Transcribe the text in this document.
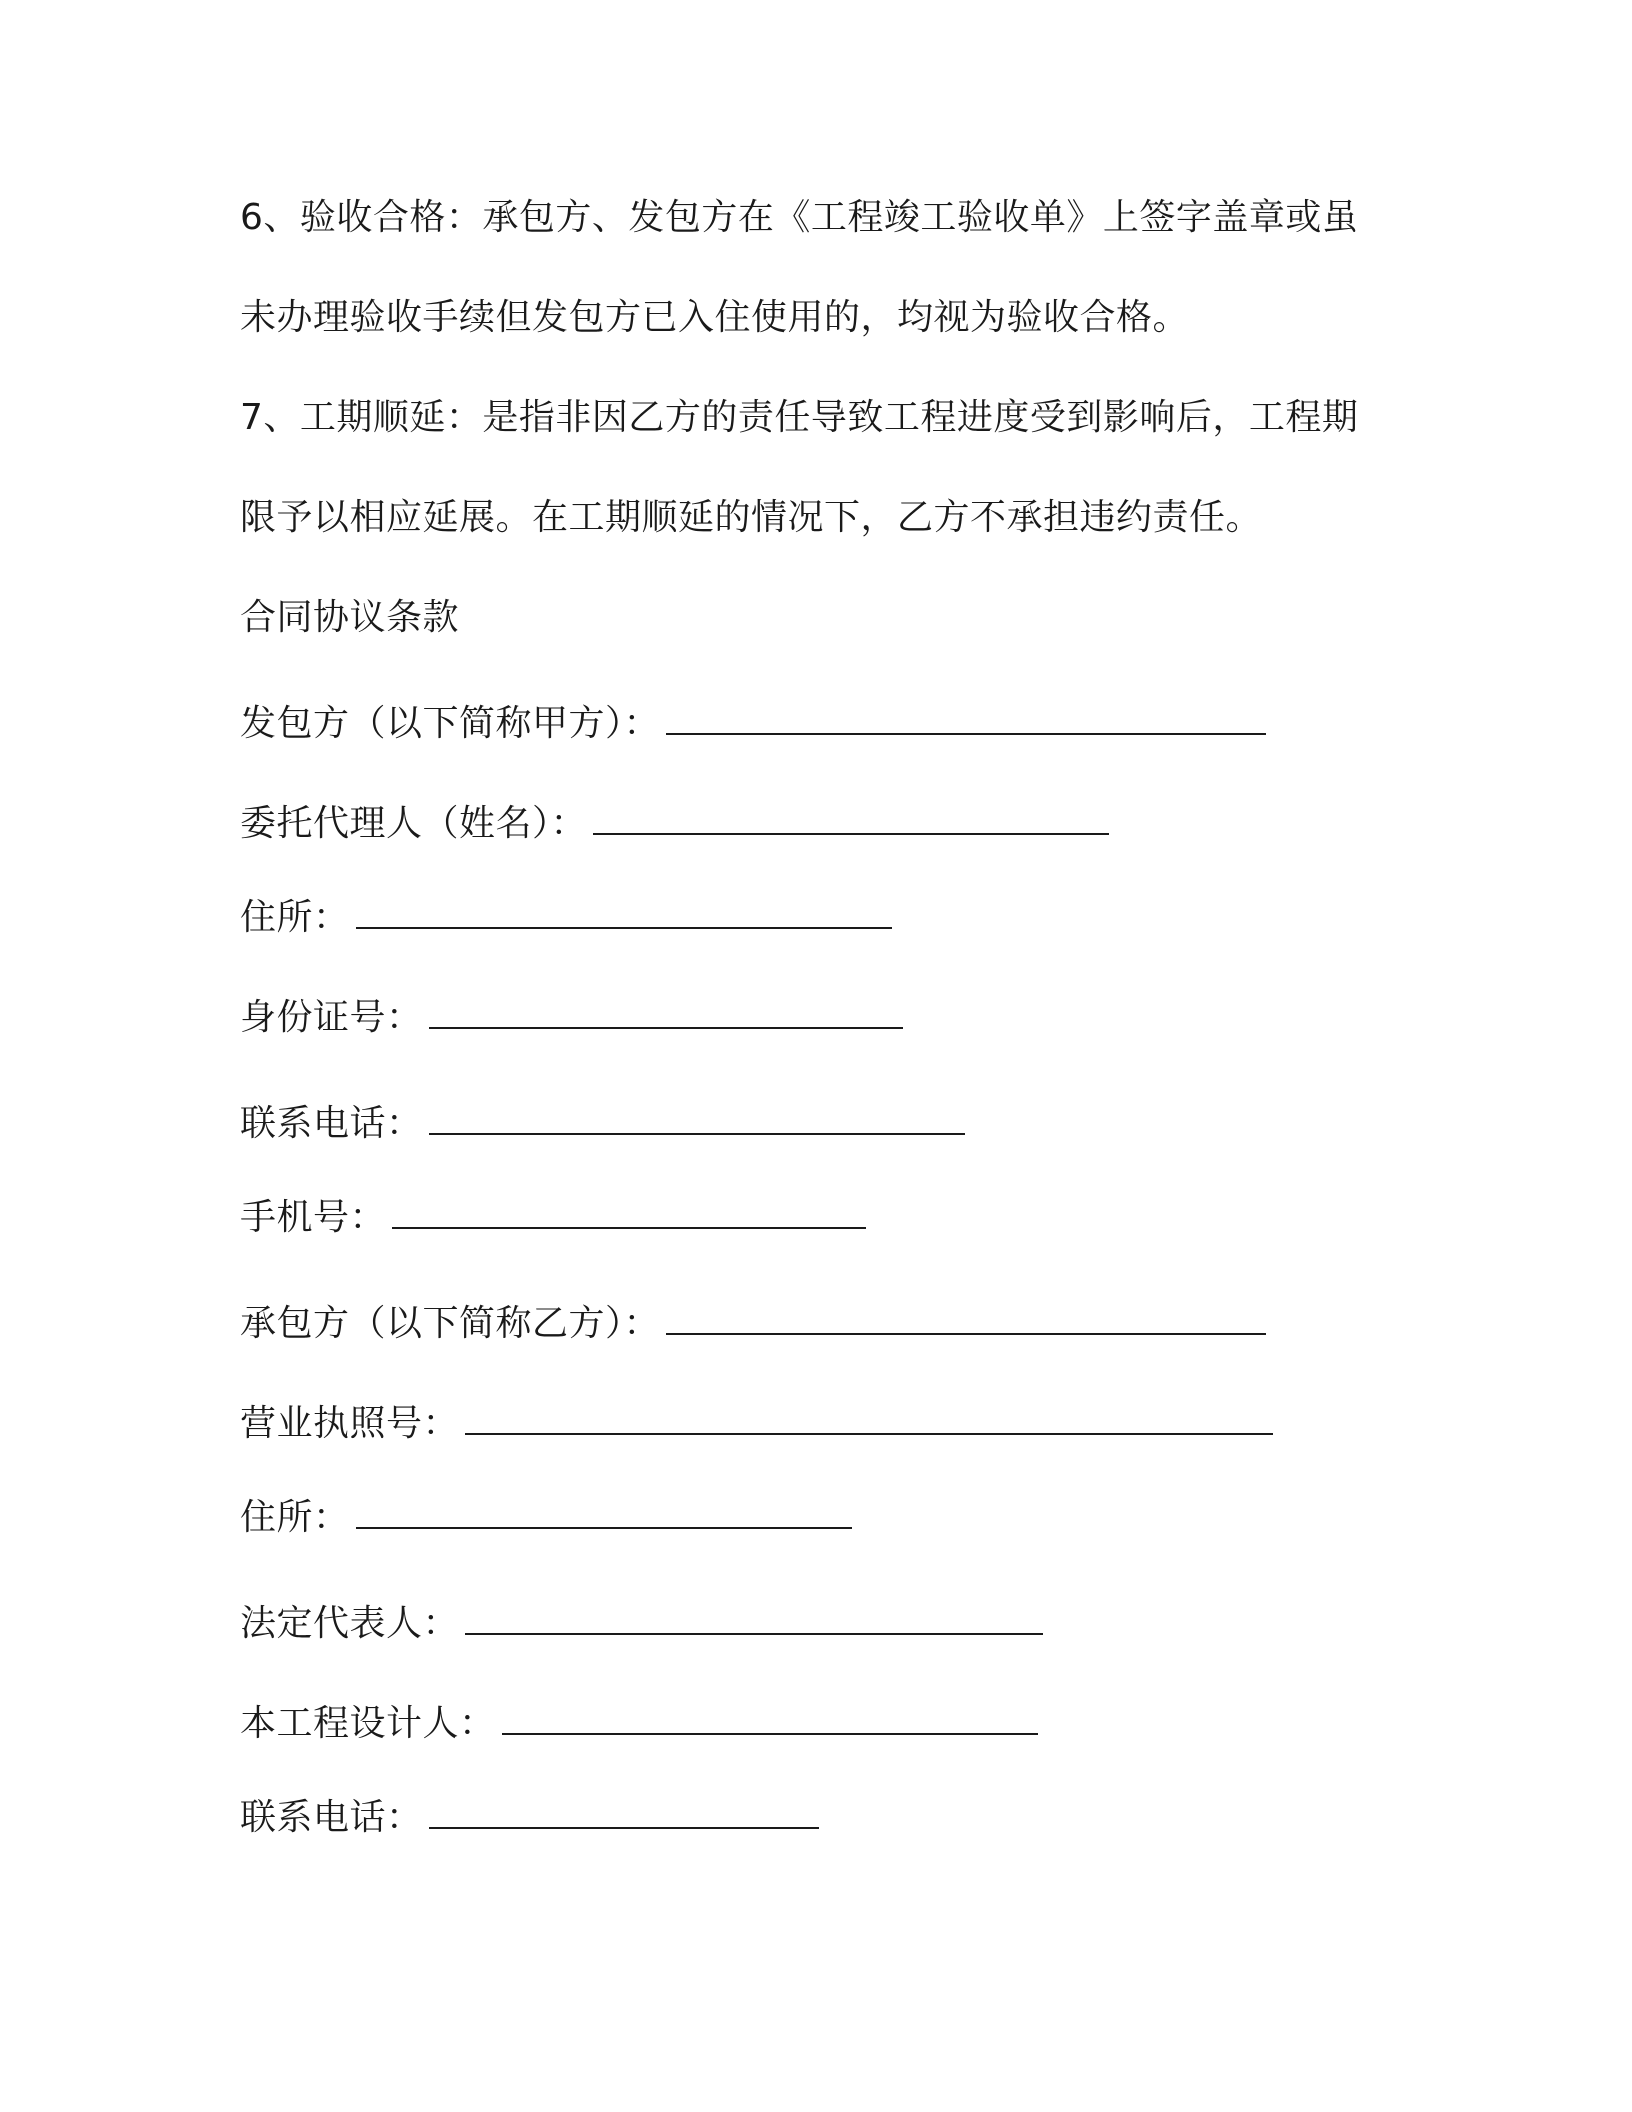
6、验收合格：承包方、发包方在《工程竣工验收单》上签字盖章或虽
未办理验收手续但发包方已入住使用的，均视为验收合格。
7、工期顺延：是指非因乙方的责任导致工程进度受到影响后，工程期
限予以相应延展。在工期顺延的情况下，乙方不承担违约责任。
合同协议条款
发包方（以下简称甲方）：
委托代理人（姓名）：
住所：
身份证号：
联系电话：
手机号：
承包方（以下简称乙方）：
营业执照号：
住所：
法定代表人：
本工程设计人：
联系电话：
